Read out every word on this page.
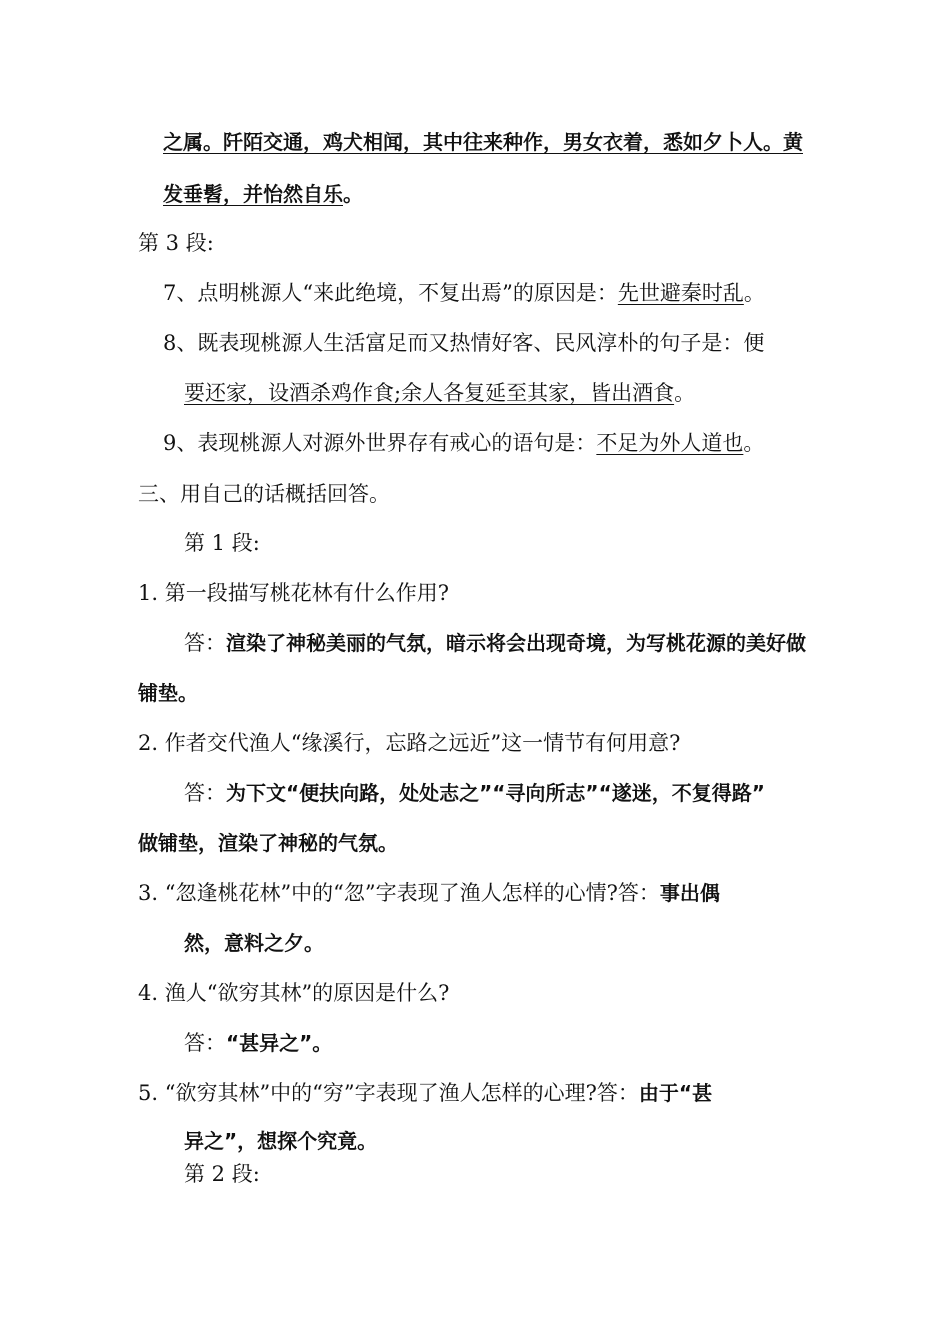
之属。阡陌交通，鸡犬相闻，其中往来种作，男女衣着，悉如夕卜人。黄
发垂髫，并怡然自乐。
第 3 段:
7、点明桃源人“来此绝境，不复出焉”的原因是：先世避秦时乱。
8、既表现桃源人生活富足而又热情好客、民风淳朴的句子是：便
要还家，设酒杀鸡作食;余人各复延至其家，皆出酒食。
9、表现桃源人对源外世界存有戒心的语句是：不足为外人道也。
三、用自己的话概括回答。
第 1 段:
1. 第一段描写桃花林有什么作用?
答：渲染了神秘美丽的气氛，暗示将会出现奇境，为写桃花源的美好做
铺垫。
2. 作者交代渔人“缘溪行，忘路之远近”这一情节有何用意?
答：为下文“便扶向路，处处志之”“寻向所志”“遂迷，不复得路”
做铺垫，渲染了神秘的气氛。
3. “忽逢桃花林”中的“忽”字表现了渔人怎样的心情?答：事出偶
然，意料之夕。
4. 渔人“欲穷其林”的原因是什么?
答：“甚异之”。
5. “欲穷其林”中的“穷”字表现了渔人怎样的心理?答：由于“甚
异之”，想探个究竟。
第 2 段:
